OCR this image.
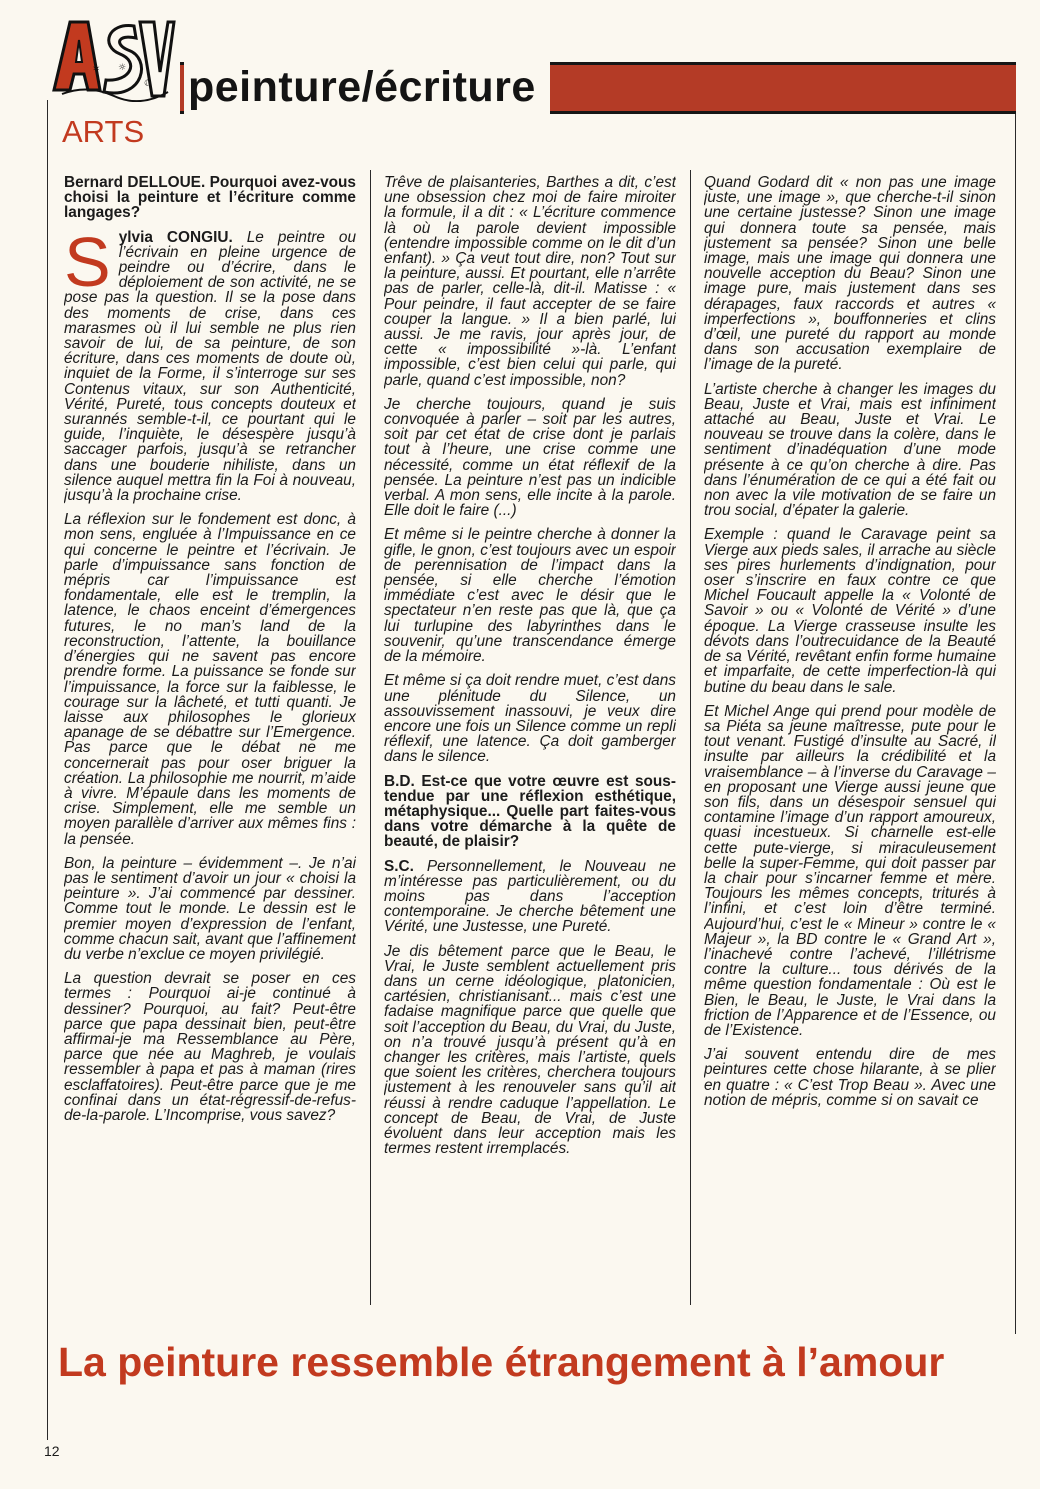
✶ ☼
☾ peinture/écriture
ARTS

Bernard DELLOUE. Pourquoi avez-vous choisi la peinture et l’écriture comme langages?

Sylvia CONGIU. Le peintre ou l’écrivain en pleine urgence de peindre ou d’écrire, dans le déploiement de son activité, ne se pose pas la question. Il se la pose dans des moments de crise, dans ces marasmes où il lui semble ne plus rien savoir de lui, de sa peinture, de son écriture, dans ces moments de doute où, inquiet de la Forme, il s’interroge sur ses Contenus vitaux, sur son Authenticité, Vérité, Pureté, tous concepts douteux et surannés semble-t-il, ce pourtant qui le guide, l’inquiète, le désespère jusqu’à saccager parfois, jusqu’à se retrancher dans une bouderie nihiliste, dans un silence auquel mettra fin la Foi à nouveau, jusqu’à la prochaine crise.

La réflexion sur le fondement est donc, à mon sens, engluée à l’Impuissance en ce qui concerne le peintre et l’écrivain. Je parle d’impuissance sans fonction de mépris car l’impuissance est fondamentale, elle est le tremplin, la latence, le chaos enceint d’émergences futures, le no man’s land de la reconstruction, l’attente, la bouillance d’énergies qui ne savent pas encore prendre forme. La puissance se fonde sur l’impuissance, la force sur la faiblesse, le courage sur la lâcheté, et tutti quanti. Je laisse aux philosophes le glorieux apanage de se débattre sur l’Emergence. Pas parce que le débat ne me concernerait pas pour oser briguer la création. La philosophie me nourrit, m’aide à vivre. M’épaule dans les moments de crise. Simplement, elle me semble un moyen parallèle d’arriver aux mêmes fins : la pensée.

Bon, la peinture – évidemment –. Je n’ai pas le sentiment d’avoir un jour « choisi la peinture ». J’ai commencé par dessiner. Comme tout le monde. Le dessin est le premier moyen d’expression de l’enfant, comme chacun sait, avant que l’affinement du verbe n’exclue ce moyen privilégié.

La question devrait se poser en ces termes : Pourquoi ai-je continué à dessiner? Pourquoi, au fait? Peut-être parce que papa dessinait bien, peut-être affirmai-je ma Ressemblance au Père, parce que née au Maghreb, je voulais ressembler à papa et pas à maman (rires esclaffatoires). Peut-être parce que je me confinai dans un état-régressif-de-refus-de-la-parole. L’Incomprise, vous savez?

Trêve de plaisanteries, Barthes a dit, c’est une obsession chez moi de faire miroiter la formule, il a dit : « L’écriture commence là où la parole devient impossible (entendre impossible comme on le dit d’un enfant). » Ça veut tout dire, non? Tout sur la peinture, aussi. Et pourtant, elle n’arrête pas de parler, celle-là, dit-il. Matisse : « Pour peindre, il faut accepter de se faire couper la langue. » Il a bien parlé, lui aussi. Je me ravis, jour après jour, de cette « impossibilité »-là. L’enfant impossible, c’est bien celui qui parle, qui parle, quand c’est impossible, non?

Je cherche toujours, quand je suis convoquée à parler – soit par les autres, soit par cet état de crise dont je parlais tout à l’heure, une crise comme une nécessité, comme un état réflexif de la pensée. La peinture n’est pas un indicible verbal. A mon sens, elle incite à la parole. Elle doit le faire (...)

Et même si le peintre cherche à donner la gifle, le gnon, c’est toujours avec un espoir de perennisation de l’impact dans la pensée, si elle cherche l’émotion immédiate c’est avec le désir que le spectateur n’en reste pas que là, que ça lui turlupine des labyrinthes dans le souvenir, qu’une transcendance émerge de la mémoire.

Et même si ça doit rendre muet, c’est dans une plénitude du Silence, un assouvissement inassouvi, je veux dire encore une fois un Silence comme un repli réflexif, une latence. Ça doit gamberger dans le silence.

B.D. Est-ce que votre œuvre est sous-tendue par une réflexion esthétique, métaphysique... Quelle part faites-vous dans votre démarche à la quête de beauté, de plaisir?

S.C. Personnellement, le Nouveau ne m’intéresse pas particulièrement, ou du moins pas dans l’acception contemporaine. Je cherche bêtement une Vérité, une Justesse, une Pureté.

Je dis bêtement parce que le Beau, le Vrai, le Juste semblent actuellement pris dans un cerne idéologique, platonicien, cartésien, christianisant... mais c’est une fadaise magnifique parce que quelle que soit l’acception du Beau, du Vrai, du Juste, on n’a trouvé jusqu’à présent qu’à en changer les critères, mais l’artiste, quels que soient les critères, cherchera toujours justement à les renouveler sans qu’il ait réussi à rendre caduque l’appellation. Le concept de Beau, de Vrai, de Juste évoluent dans leur acception mais les termes restent irremplacés.

Quand Godard dit « non pas une image juste, une image », que cherche-t-il sinon une certaine justesse? Sinon une image qui donnera toute sa pensée, mais justement sa pensée? Sinon une belle image, mais une image qui donnera une nouvelle acception du Beau? Sinon une image pure, mais justement dans ses dérapages, faux raccords et autres « imperfections », bouffonneries et clins d’œil, une pureté du rapport au monde dans son accusation exemplaire de l’image de la pureté.

L’artiste cherche à changer les images du Beau, Juste et Vrai, mais est infiniment attaché au Beau, Juste et Vrai. Le nouveau se trouve dans la colère, dans le sentiment d’inadéquation d’une mode présente à ce qu’on cherche à dire. Pas dans l’énumération de ce qui a été fait ou non avec la vile motivation de se faire un trou social, d’épater la galerie.

Exemple : quand le Caravage peint sa Vierge aux pieds sales, il arrache au siècle ses pires hurlements d’indignation, pour oser s’inscrire en faux contre ce que Michel Foucault appelle la « Volonté de Savoir » ou « Volonté de Vérité » d’une époque. La Vierge crasseuse insulte les dévots dans l’outrecuidance de la Beauté de sa Vérité, revêtant enfin forme humaine et imparfaite, de cette imperfection-là qui butine du beau dans le sale.

Et Michel Ange qui prend pour modèle de sa Piéta sa jeune maîtresse, pute pour le tout venant. Fustigé d’insulte au Sacré, il insulte par ailleurs la crédibilité et la vraisemblance – à l’inverse du Caravage – en proposant une Vierge aussi jeune que son fils, dans un désespoir sensuel qui contamine l’image d’un rapport amoureux, quasi incestueux. Si charnelle est-elle cette pute-vierge, si miraculeusement belle la super-Femme, qui doit passer par la chair pour s’incarner femme et mère. Toujours les mêmes concepts, triturés à l’infini, et c’est loin d’être terminé. Aujourd’hui, c’est le « Mineur » contre le « Majeur », la BD contre le « Grand Art », l’inachevé contre l’achevé, l’illétrisme contre la culture... tous dérivés de la même question fondamentale : Où est le Bien, le Beau, le Juste, le Vrai dans la friction de l’Apparence et de l’Essence, ou de l’Existence.

J’ai souvent entendu dire de mes peintures cette chose hilarante, à se plier en quatre : « C’est Trop Beau ». Avec une notion de mépris, comme si on savait ce

La peinture ressemble étrangement à l’amour
12
